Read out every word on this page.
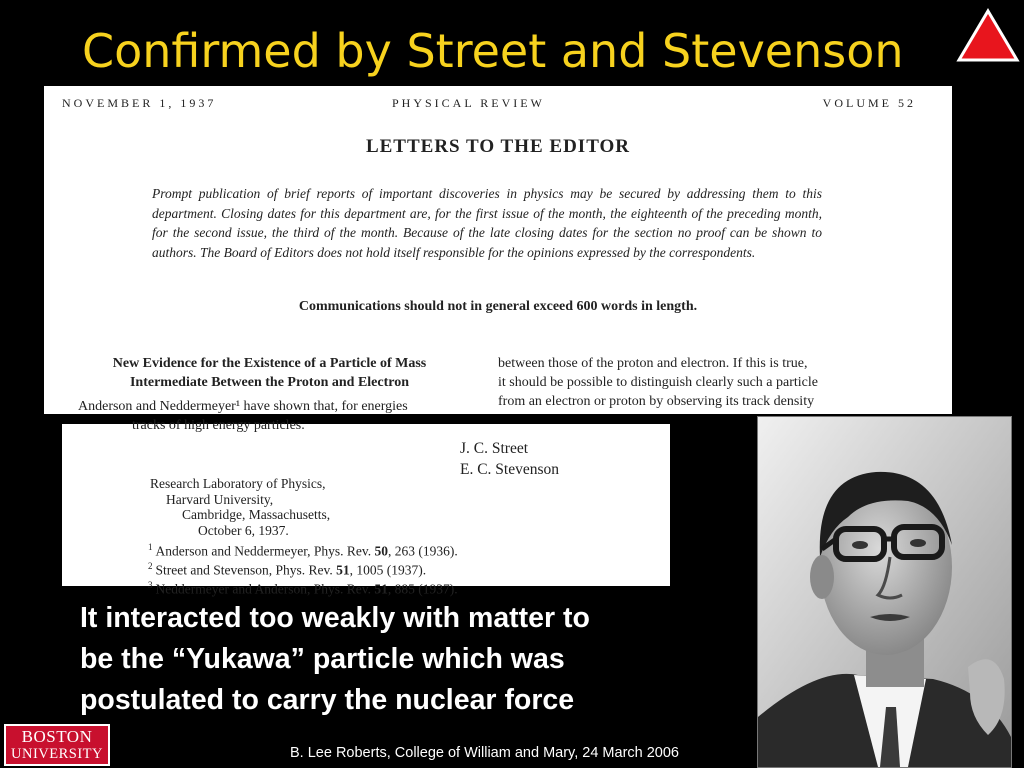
Confirmed by Street and Stevenson
NOVEMBER 1, 1937	PHYSICAL REVIEW	VOLUME 52
LETTERS TO THE EDITOR
Prompt publication of brief reports of important discoveries in physics may be secured by addressing them to this department. Closing dates for this department are, for the first issue of the month, the eighteenth of the preceding month, for the second issue, the third of the month. Because of the late closing dates for the section no proof can be shown to authors. The Board of Editors does not hold itself responsible for the opinions expressed by the correspondents.
Communications should not in general exceed 600 words in length.
New Evidence for the Existence of a Particle of Mass
Intermediate Between the Proton and Electron
Anderson and Neddermeyer¹ have shown that, for energies
between those of the proton and electron. If this is true,
it should be possible to distinguish clearly such a particle
from an electron or proton by observing its track density
tracks of high energy particles.
J. C. Street
E. C. Stevenson
Research Laboratory of Physics,
Harvard University,
Cambridge, Massachusetts,
October 6, 1937.
$^1$ Anderson and Neddermeyer, Phys. Rev. 50, 263 (1936).
$^2$ Street and Stevenson, Phys. Rev. 51, 1005 (1937).
$^3$ Neddermeyer and Anderson, Phys. Rev. 51, 885 (1937).

It interacted too weakly with matter to
be the “Yukawa” particle which was
postulated to carry the nuclear force

BOSTON
UNIVERSITY	B. Lee Roberts, College of William and Mary, 24 March 2006
